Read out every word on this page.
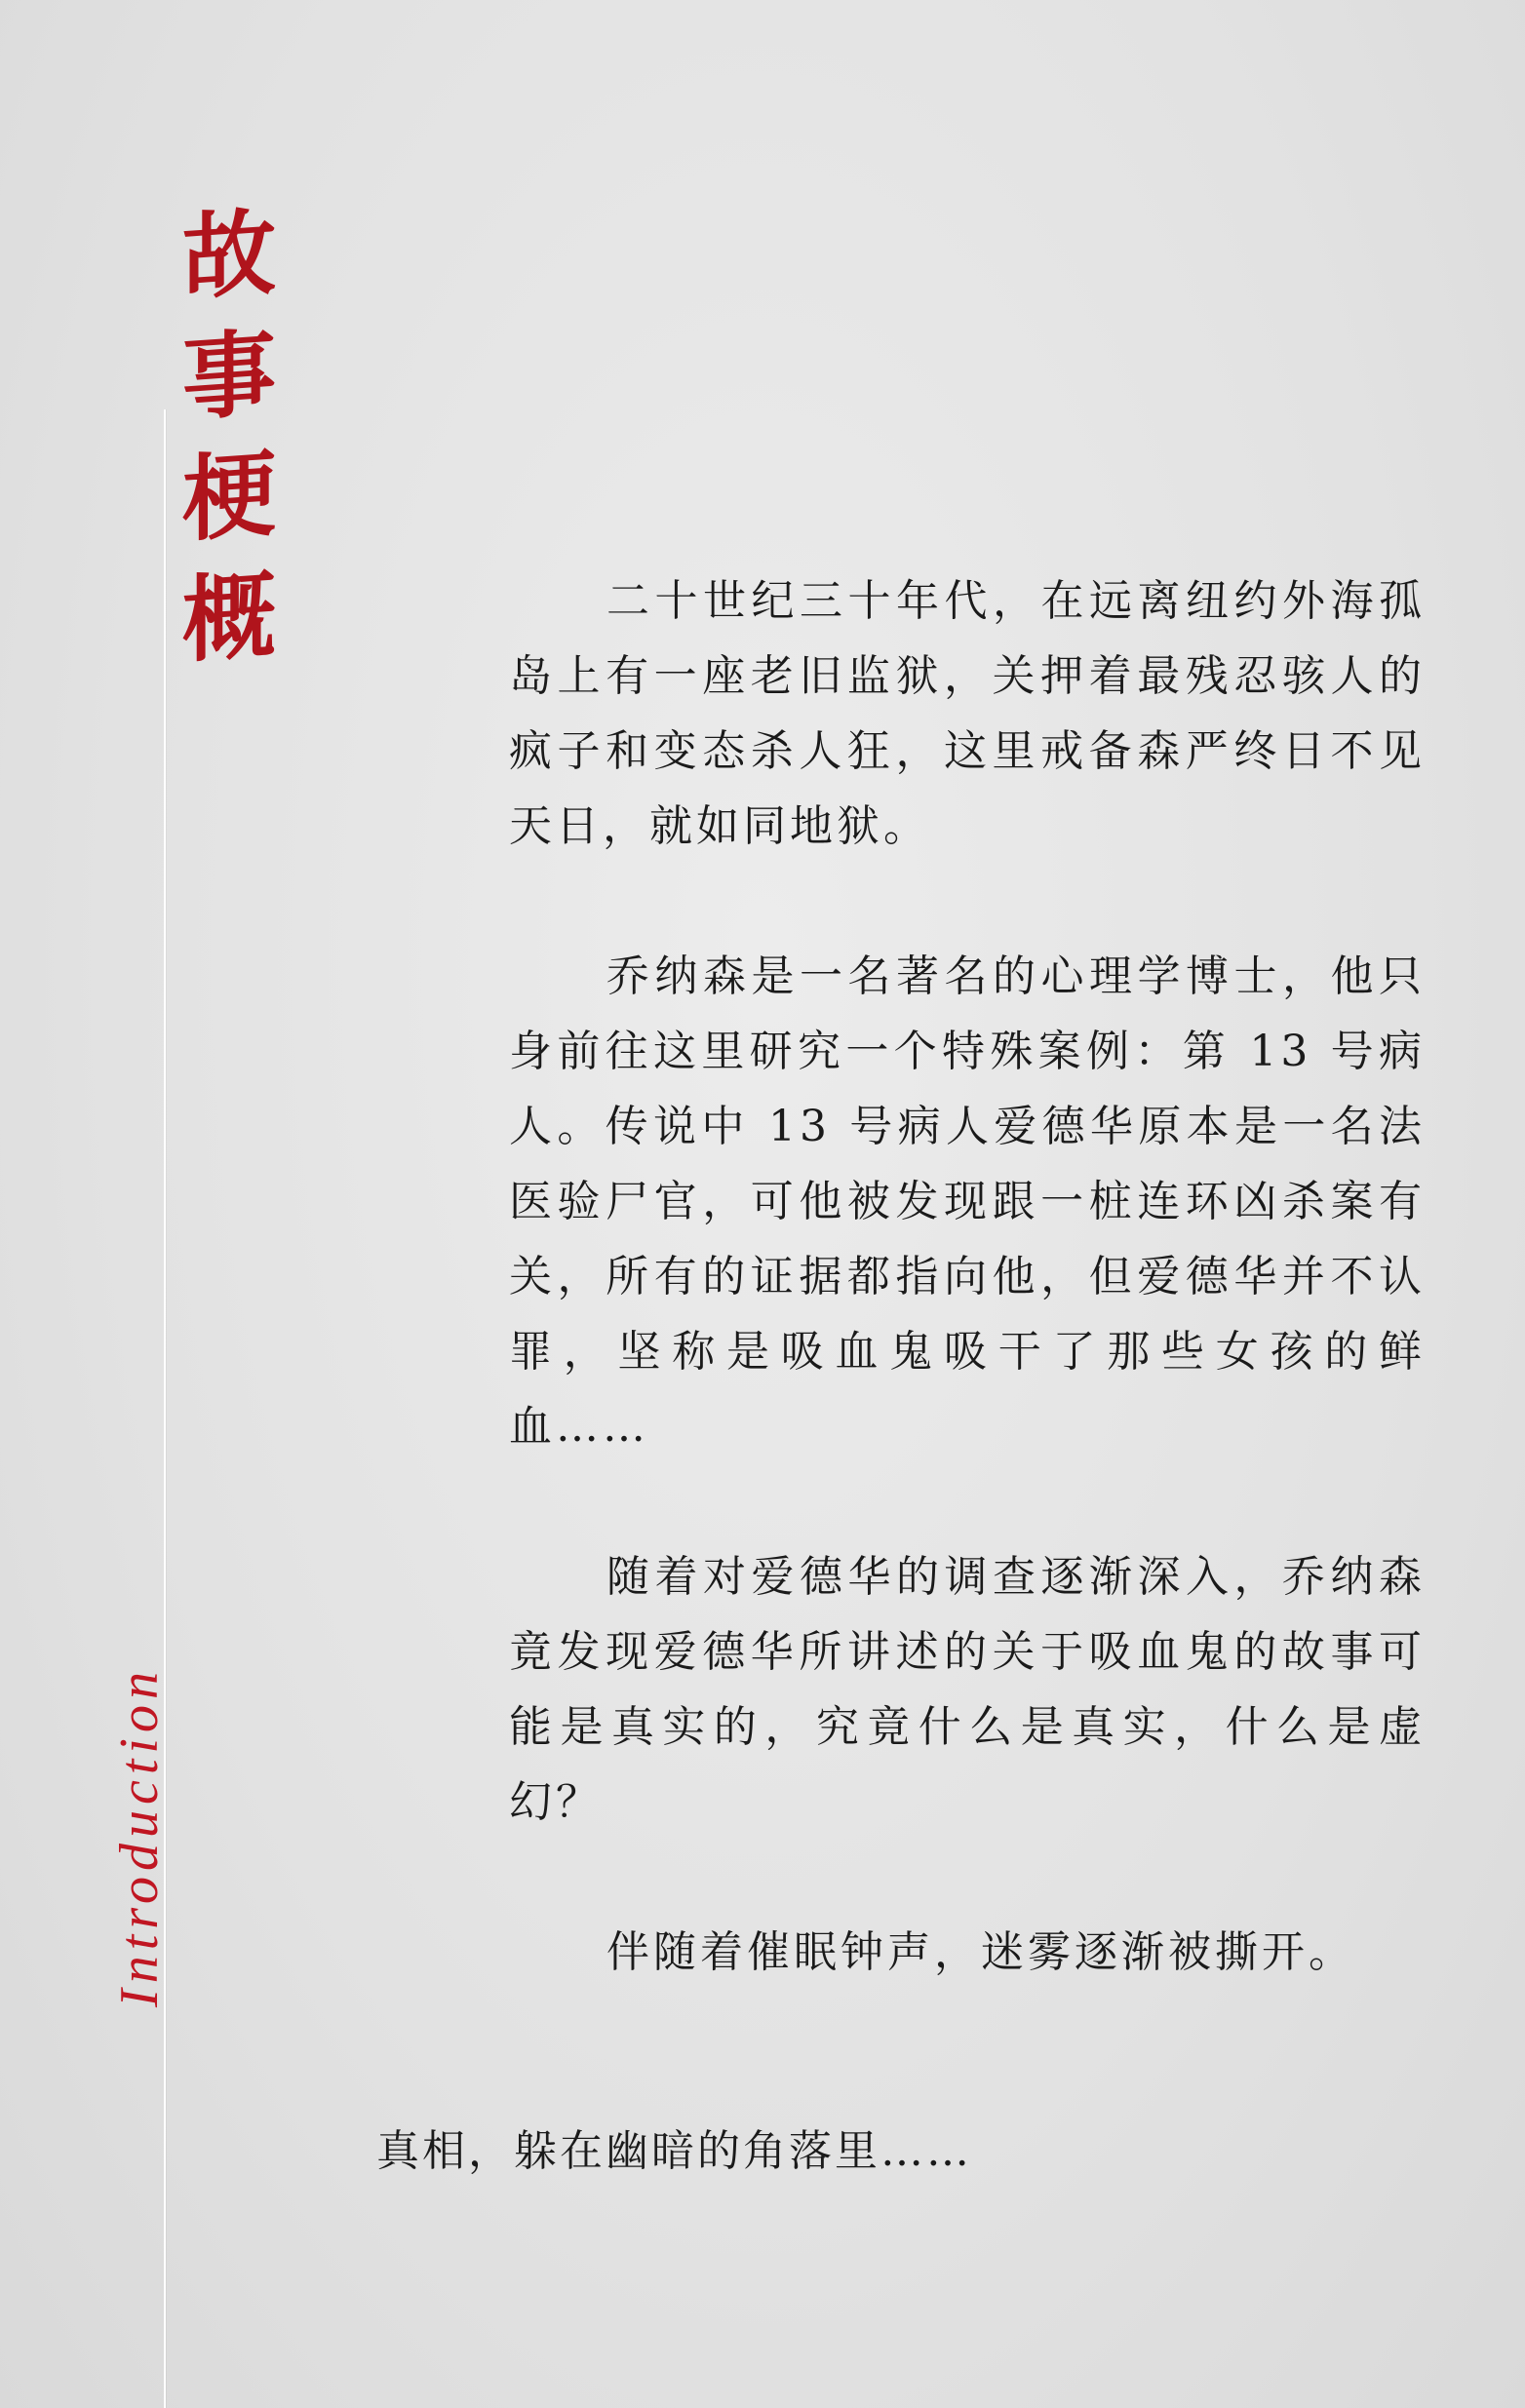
故
事
梗
概
Introduction

二十世纪三十年代，在远离纽约外海孤岛上有一座老旧监狱，关押着最残忍骇人的疯子和变态杀人狂，这里戒备森严终日不见天日，就如同地狱。

乔纳森是一名著名的心理学博士，他只身前往这里研究一个特殊案例：第 13 号病人。传说中 13 号病人爱德华原本是一名法医验尸官，可他被发现跟一桩连环凶杀案有关，所有的证据都指向他，但爱德华并不认罪，坚称是吸血鬼吸干了那些女孩的鲜血……

随着对爱德华的调查逐渐深入，乔纳森竟发现爱德华所讲述的关于吸血鬼的故事可能是真实的，究竟什么是真实，什么是虚幻？

伴随着催眠钟声，迷雾逐渐被撕开。

真相，躲在幽暗的角落里……
